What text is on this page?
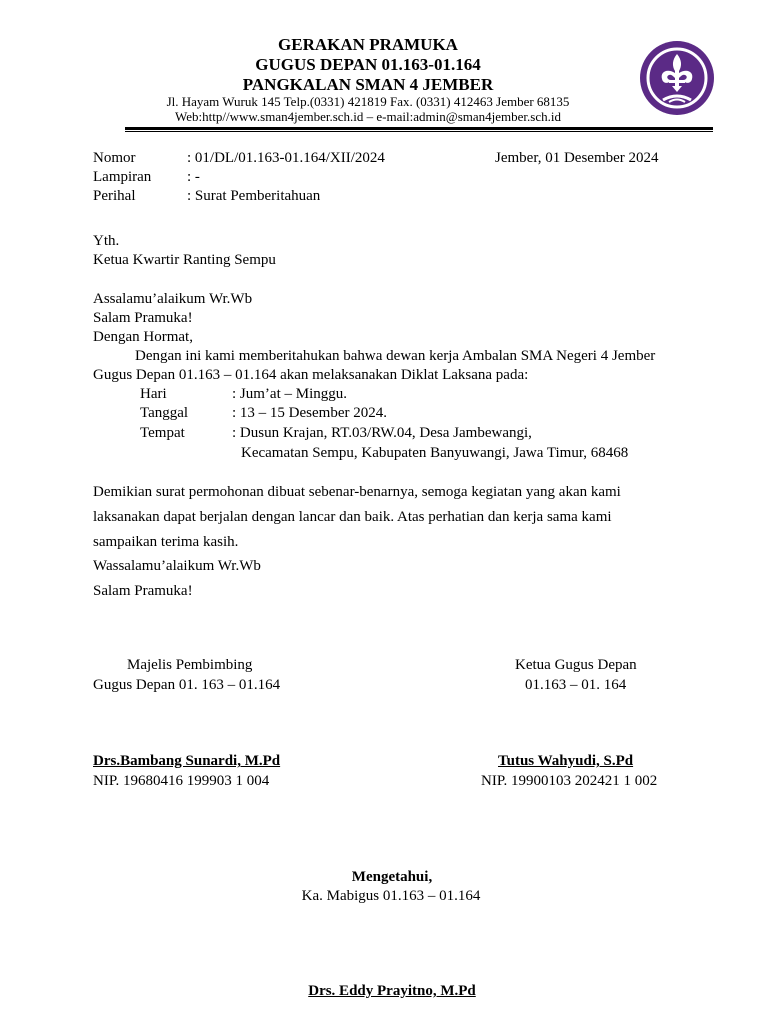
GERAKAN PRAMUKA
GUGUS DEPAN 01.163-01.164
PANGKALAN SMAN 4 JEMBER
Jl. Hayam Wuruk 145 Telp.(0331) 421819 Fax. (0331) 412463 Jember 68135
Web:http//www.sman4jember.sch.id – e-mail:admin@sman4jember.sch.id
Nomor	: 01/DL/01.163-01.164/XII/2024	Jember, 01 Desember 2024
Lampiran : -
Perihal	: Surat Pemberitahuan
Yth.
Ketua Kwartir Ranting Sempu
Assalamu’alaikum Wr.Wb
Salam Pramuka!
Dengan Hormat,
Dengan ini kami memberitahukan bahwa dewan kerja Ambalan SMA Negeri 4 Jember
Gugus Depan 01.163 – 01.164 akan melaksanakan Diklat Laksana pada:
Hari	: Jum’at – Minggu.
Tanggal	: 13 – 15 Desember 2024.
Tempat	: Dusun Krajan, RT.03/RW.04, Desa Jambewangi,
Kecamatan Sempu, Kabupaten Banyuwangi, Jawa Timur, 68468
Demikian surat permohonan dibuat sebenar-benarnya, semoga kegiatan yang akan kami
laksanakan dapat berjalan dengan lancar dan baik. Atas perhatian dan kerja sama kami
sampaikan terima kasih.
Wassalamu’alaikum Wr.Wb
Salam Pramuka!
Majelis Pembimbing
Gugus Depan 01. 163 – 01.164
Ketua Gugus Depan
01.163 – 01. 164
Drs.Bambang Sunardi, M.Pd
NIP. 19680416 199903 1 004
Tutus Wahyudi, S.Pd
NIP. 19900103 202421 1 002
Mengetahui,
Ka. Mabigus 01.163 – 01.164
Drs. Eddy Prayitno, M.Pd
